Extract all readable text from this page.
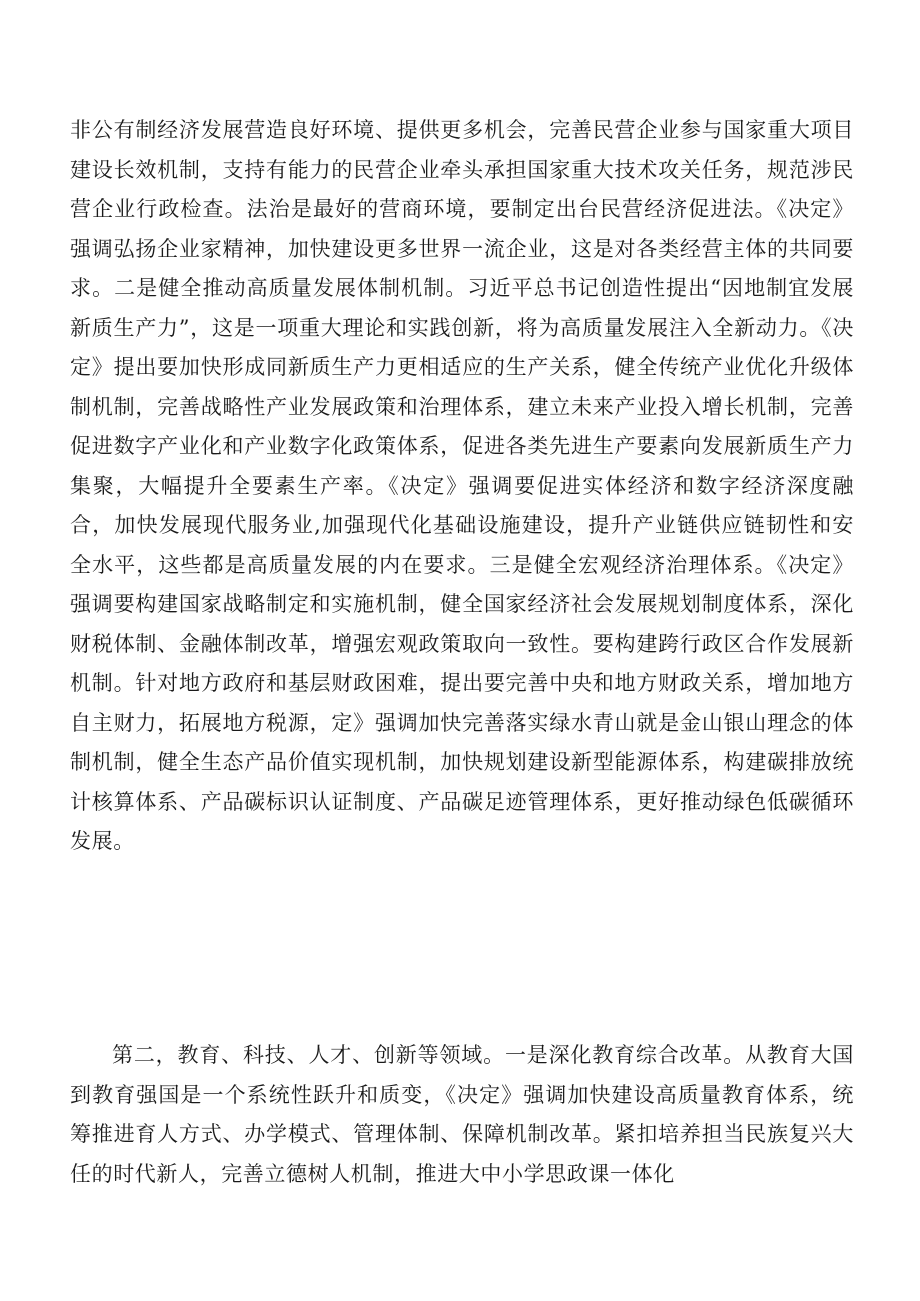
非公有制经济发展营造良好环境、提供更多机会，完善民营企业参与国家重大项目建设长效机制，支持有能力的民营企业牵头承担国家重大技术攻关任务，规范涉民营企业行政检查。法治是最好的营商环境，要制定出台民营经济促进法。《决定》强调弘扬企业家精神，加快建设更多世界一流企业，这是对各类经营主体的共同要求。二是健全推动高质量发展体制机制。习近平总书记创造性提出“因地制宜发展新质生产力”，这是一项重大理论和实践创新，将为高质量发展注入全新动力。《决定》提出要加快形成同新质生产力更相适应的生产关系，健全传统产业优化升级体制机制，完善战略性产业发展政策和治理体系，建立未来产业投入增长机制，完善促进数字产业化和产业数字化政策体系，促进各类先进生产要素向发展新质生产力集聚，大幅提升全要素生产率。《决定》强调要促进实体经济和数字经济深度融合，加快发展现代服务业,加强现代化基础设施建设，提升产业链供应链韧性和安全水平，这些都是高质量发展的内在要求。三是健全宏观经济治理体系。《决定》强调要构建国家战略制定和实施机制，健全国家经济社会发展规划制度体系，深化财税体制、金融体制改革，增强宏观政策取向一致性。要构建跨行政区合作发展新机制。针对地方政府和基层财政困难，提出要完善中央和地方财政关系，增加地方自主财力，拓展地方税源，定》强调加快完善落实绿水青山就是金山银山理念的体制机制，健全生态产品价值实现机制，加快规划建设新型能源体系，构建碳排放统计核算体系、产品碳标识认证制度、产品碳足迹管理体系，更好推动绿色低碳循环发展。

第二，教育、科技、人才、创新等领域。一是深化教育综合改革。从教育大国到教育强国是一个系统性跃升和质变，《决定》强调加快建设高质量教育体系，统筹推进育人方式、办学模式、管理体制、保障机制改革。紧扣培养担当民族复兴大任的时代新人，完善立德树人机制，推进大中小学思政课一体化
